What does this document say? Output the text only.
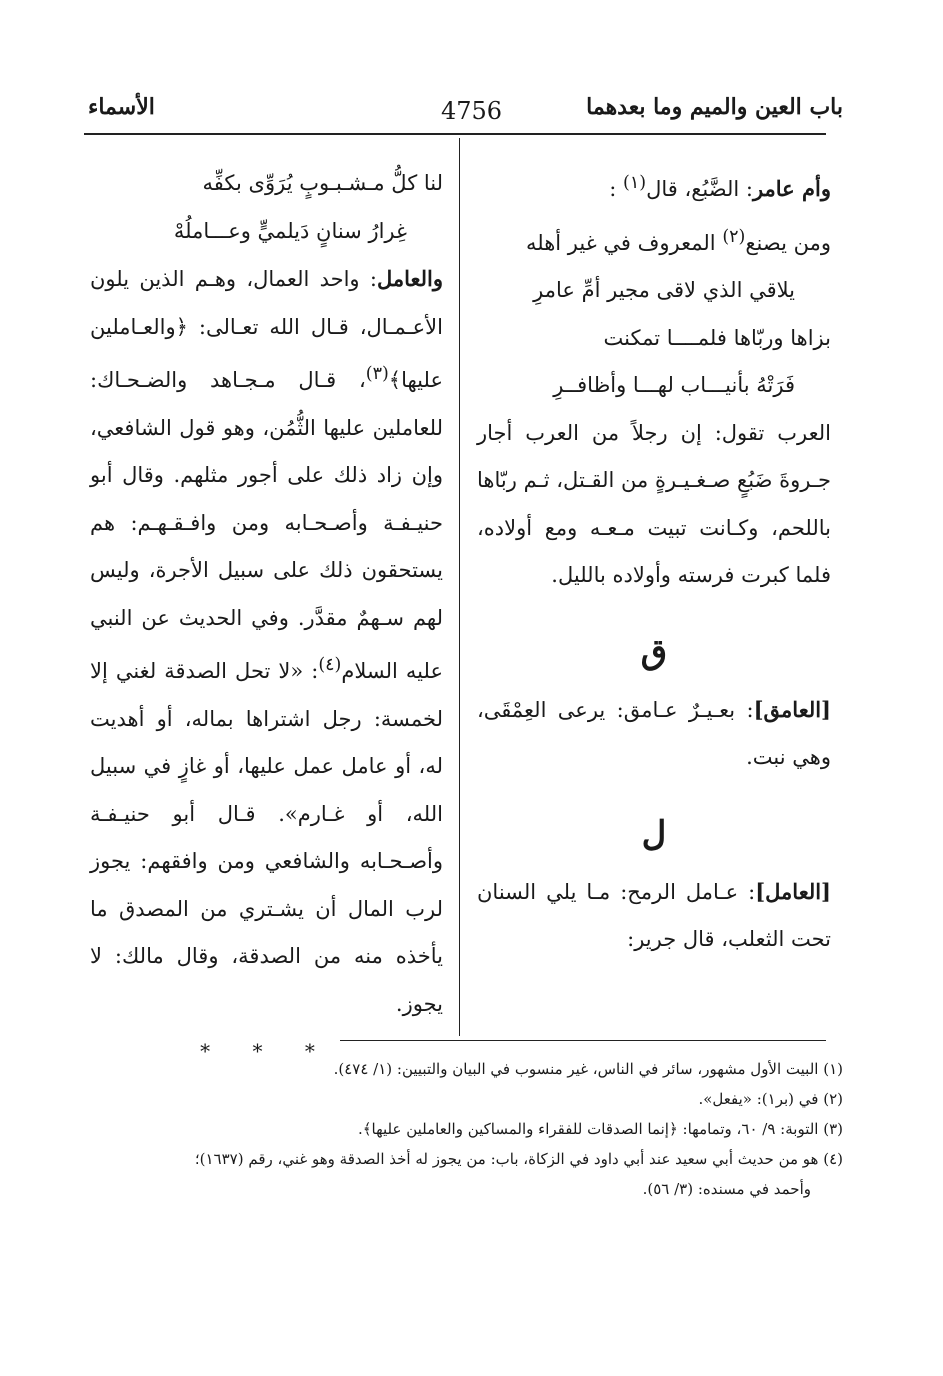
باب العين والميم وما بعدهما
4756
الأسماء

وأم عامر: الضَّبُع، قال$^{(١)}$ :

ومن يصنع$^{(٢)}$ المعروف في غير أهله

يلاقي الذي لاقى مجير أمِّ عامرِ

بزاها وربّاها فلمــــا تمكنت

فَرَتْهُ بأنيـــاب لهـــا وأظافــرِ

العرب تقول: إن رجلاً من العرب أجار جـروةَ ضَبُعٍ صـغـيـرةٍ من القـتل، ثـم ربّاها باللحم، وكـانت تبيت مـعـه ومع أولاده، فلما كبرت فرسته وأولاده بالليل.

ق

[العامق]: بعـيـرٌ عـامق: يرعى العِمْقَى، وهي نبت.

ل

[العامل]: عـامل الرمح: مـا يلي السنان تحت الثعلب، قال جرير:

لنا كلُّ مـشـبـوبٍ يُرَوِّى بكفِّه

غِرارُ سنانٍ دَيلميٍّ وعـــاملُهْ

والعامل: واحد العمال، وهـم الذين يلون الأعـمـال، قـال الله تعـالى: ﴿والعـاملين عليها﴾$^{(٣)}$، قـال مـجـاهد والضـحـاك: للعاملين عليها الثُّمُن، وهو قول الشافعي، وإن زاد ذلك على أجور مثلهم. وقال أبو حنيـفـة وأصـحـابه ومن وافـقـهـم: هم يستحقون ذلك على سبيل الأجرة، وليس لهم سـهمٌ مقدَّر. وفي الحديث عن النبي عليه السلام$^{(٤)}$: «لا تحل الصدقة لغني إلا لخمسة: رجل اشتراها بماله، أو أهديت له، أو عامل عمل عليها، أو غازٍ في سبيل الله، أو غـارم». قـال أبو حنيـفـة وأصـحـابه والشافعي ومن وافقهم: يجوز لرب المال أن يشـتري من المصدق ما يأخذه منه من الصدقة، وقال مالك: لا يجوز.

* * *

(١) البيت الأول مشهور، سائر في الناس، غير منسوب في البيان والتبيين: (١/ ٤٧٤).

(٢) في (بر١): «يفعل».

(٣) التوبة: ٩/ ٦٠، وتمامها: ﴿إنما الصدقات للفقراء والمساكين والعاملين عليها﴾.

(٤) هو من حديث أبي سعيد عند أبي داود في الزكاة، باب: من يجوز له أخذ الصدقة وهو غني، رقم (١٦٣٧)؛

وأحمد في مسنده: (٣/ ٥٦).
